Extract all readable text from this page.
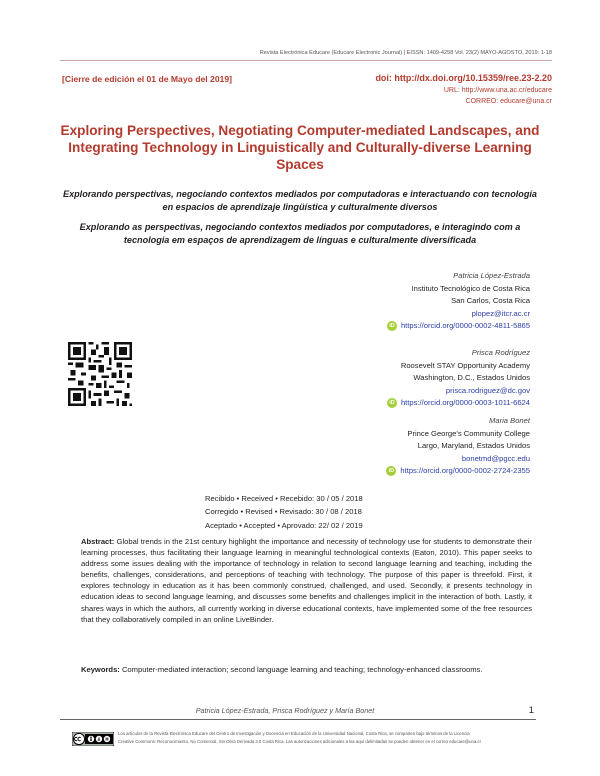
Revista Electrónica Educare (Educare Electronic Journal) | EISSN: 1409-4258 Vol. 23(2) MAYO-AGOSTO, 2019: 1-18
[Cierre de edición el 01 de Mayo del 2019]	doi: http://dx.doi.org/10.15359/ree.23-2.20
URL: http://www.una.ac.cr/educare
CORREO: educare@una.cr
Exploring Perspectives, Negotiating Computer-mediated Landscapes, and Integrating Technology in Linguistically and Culturally-diverse Learning Spaces
Explorando perspectivas, negociando contextos mediados por computadoras e interactuando con tecnología en espacios de aprendizaje lingüística y culturalmente diversos
Explorando as perspectivas, negociando contextos mediados por computadores, e interagindo com a tecnologia em espaços de aprendizagem de línguas e culturalmente diversificada
Patricia López-Estrada
Instituto Tecnológico de Costa Rica
San Carlos, Costa Rica
plopez@itcr.ac.cr
iD https://orcid.org/0000-0002-4811-5865
Prisca Rodríguez
Roosevelt STAY Opportunity Academy
Washington, D.C., Estados Unidos
prisca.rodriguez@dc.gov
iD https://orcid.org/0000-0003-1011-6624
Maria Bonet
Prince George's Community College
Largo, Maryland, Estados Unidos
bonetmd@pgcc.edu
iD https://orcid.org/0000-0002-2724-2355
Recibido • Received • Recebido: 30 / 05 / 2018
Corregido • Revised • Revisado: 30 / 08 / 2018
Aceptado • Accepted • Aprovado: 22/ 02 / 2019
Abstract: Global trends in the 21st century highlight the importance and necessity of technology use for students to demonstrate their learning processes, thus facilitating their language learning in meaningful technological contexts (Eaton, 2010). This paper seeks to address some issues dealing with the importance of technology in relation to second language learning and teaching, including the benefits, challenges, considerations, and perceptions of teaching with technology. The purpose of this paper is threefold. First, it explores technology in education as it has been commonly construed, challenged, and used. Secondly, it presents technology in education ideas to second language learning, and discusses some benefits and challenges implicit in the interaction of both. Lastly, it shares ways in which the authors, all currently working in diverse educational contexts, have implemented some of the free resources that they collaboratively compiled in an online LiveBinder.
Keywords: Computer-mediated interaction; second language learning and teaching; technology-enhanced classrooms.
Patricia López-Estrada, Prisca Rodríguez y María Bonet	1
Los artículos de la Revista Electrónica Educare del Centro de Investigación y Docencia en Educación de la Universidad Nacional, Costa Rica, se comparten bajo términos de la Licencia
Creative Commons: Reconocimiento, No Comercial, Sin Obra Derivada 3.0 Costa Rica. Las autorizaciones adicionales a las aquí delimitadas se pueden obtener en el correo educare@una.cr
